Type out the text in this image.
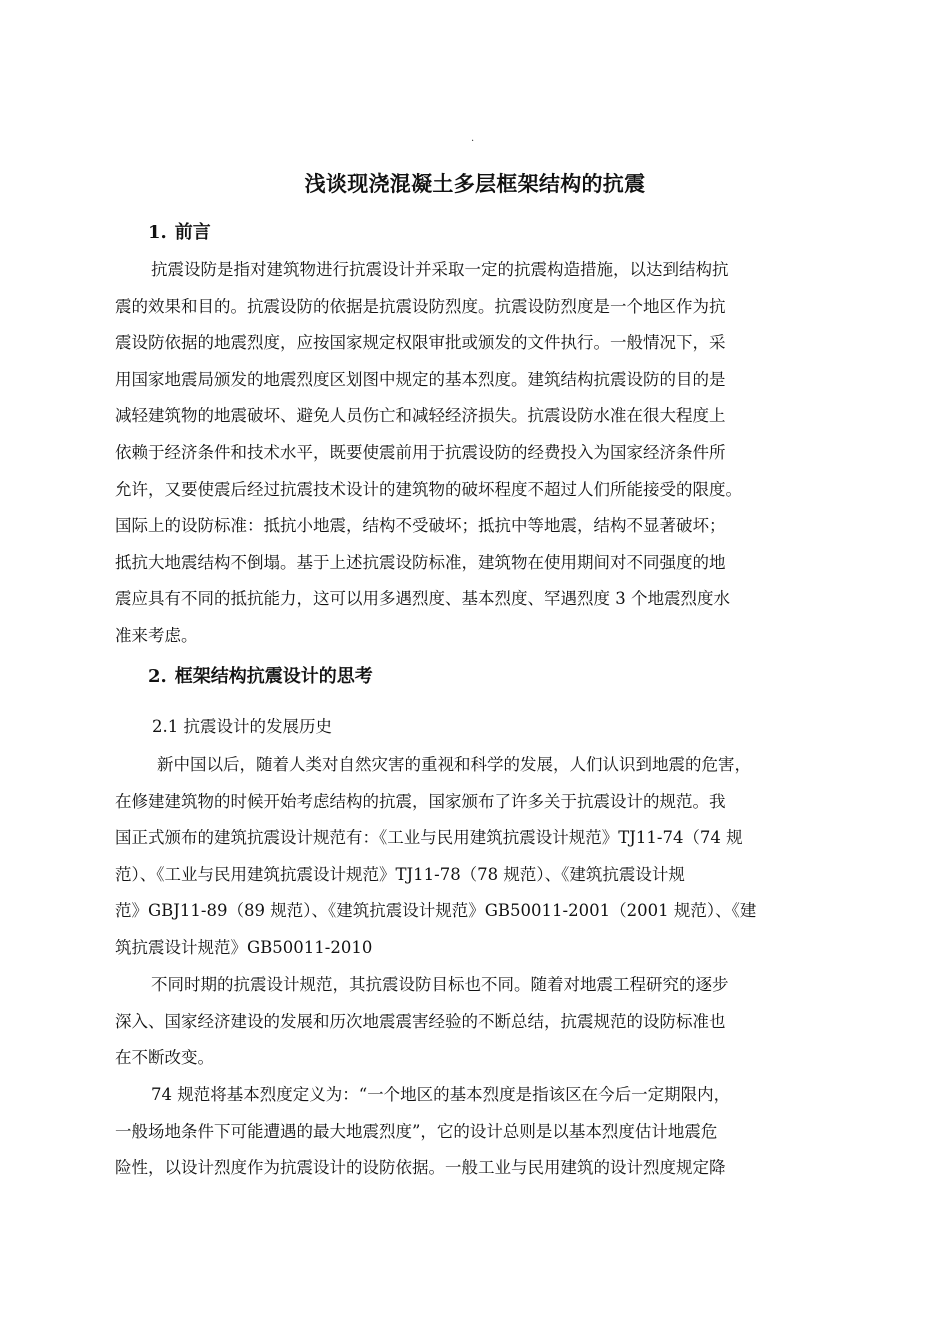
.
浅谈现浇混凝土多层框架结构的抗震
1. 前言
抗震设防是指对建筑物进行抗震设计并采取一定的抗震构造措施，以达到结构抗
震的效果和目的。抗震设防的依据是抗震设防烈度。抗震设防烈度是一个地区作为抗
震设防依据的地震烈度，应按国家规定权限审批或颁发的文件执行。一般情况下，采
用国家地震局颁发的地震烈度区划图中规定的基本烈度。建筑结构抗震设防的目的是
减轻建筑物的地震破坏、避免人员伤亡和减轻经济损失。抗震设防水准在很大程度上
依赖于经济条件和技术水平，既要使震前用于抗震设防的经费投入为国家经济条件所
允许，又要使震后经过抗震技术设计的建筑物的破坏程度不超过人们所能接受的限度。
国际上的设防标准：抵抗小地震，结构不受破坏；抵抗中等地震，结构不显著破坏；
抵抗大地震结构不倒塌。基于上述抗震设防标准，建筑物在使用期间对不同强度的地
震应具有不同的抵抗能力，这可以用多遇烈度、基本烈度、罕遇烈度 3 个地震烈度水
准来考虑。
2. 框架结构抗震设计的思考
2.1 抗震设计的发展历史
新中国以后，随着人类对自然灾害的重视和科学的发展，人们认识到地震的危害，
在修建建筑物的时候开始考虑结构的抗震，国家颁布了许多关于抗震设计的规范。我
国正式颁布的建筑抗震设计规范有：《工业与民用建筑抗震设计规范》TJ11-74（74 规
范）、《工业与民用建筑抗震设计规范》TJ11-78（78 规范）、《建筑抗震设计规
范》GBJ11-89（89 规范）、《建筑抗震设计规范》GB50011-2001（2001 规范）、《建
筑抗震设计规范》GB50011-2010
不同时期的抗震设计规范，其抗震设防目标也不同。随着对地震工程研究的逐步
深入、国家经济建设的发展和历次地震震害经验的不断总结，抗震规范的设防标准也
在不断改变。
74 规范将基本烈度定义为：“一个地区的基本烈度是指该区在今后一定期限内，
一般场地条件下可能遭遇的最大地震烈度”，它的设计总则是以基本烈度估计地震危
险性，以设计烈度作为抗震设计的设防依据。一般工业与民用建筑的设计烈度规定降
